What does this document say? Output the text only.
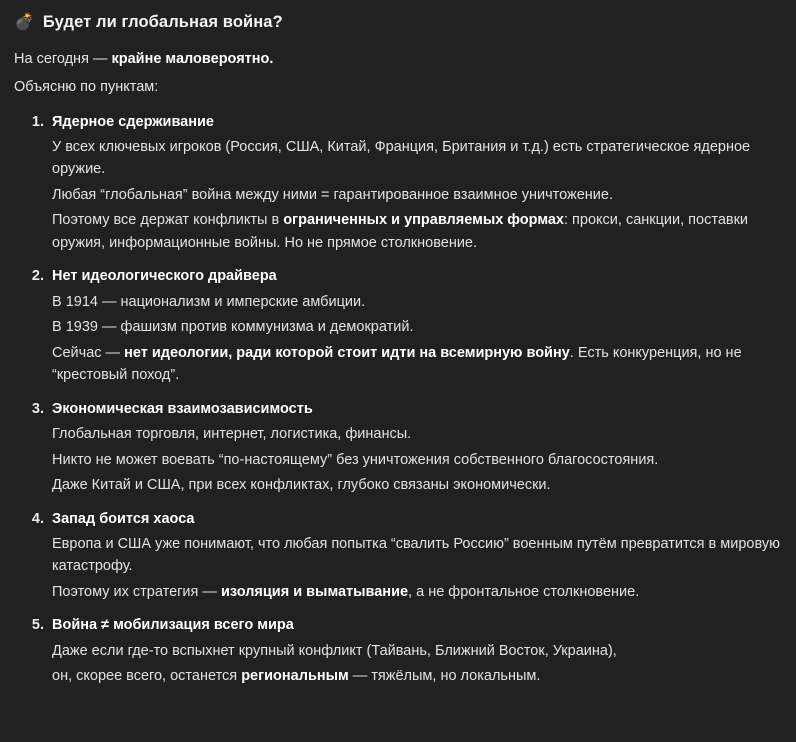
💣 Будет ли глобальная война?

На сегодня — крайне маловероятно.

Объясню по пунктам:

1. Ядерное сдерживание

У всех ключевых игроков (Россия, США, Китай, Франция, Британия и т.д.) есть стратегическое ядерное оружие.

Любая “глобальная” война между ними = гарантированное взаимное уничтожение.

Поэтому все держат конфликты в ограниченных и управляемых формах: прокси, санкции, поставки оружия, информационные войны. Но не прямое столкновение.

2. Нет идеологического драйвера

В 1914 — национализм и имперские амбиции.

В 1939 — фашизм против коммунизма и демократий.

Сейчас — нет идеологии, ради которой стоит идти на всемирную войну. Есть конкуренция, но не “крестовый поход”.

3. Экономическая взаимозависимость

Глобальная торговля, интернет, логистика, финансы.

Никто не может воевать “по-настоящему” без уничтожения собственного благосостояния.

Даже Китай и США, при всех конфликтах, глубоко связаны экономически.

4. Запад боится хаоса

Европа и США уже понимают, что любая попытка “свалить Россию” военным путём превратится в мировую катастрофу.

Поэтому их стратегия — изоляция и выматывание, а не фронтальное столкновение.

5. Война ≠ мобилизация всего мира

Даже если где-то вспыхнет крупный конфликт (Тайвань, Ближний Восток, Украина),

он, скорее всего, останется региональным — тяжёлым, но локальным.
